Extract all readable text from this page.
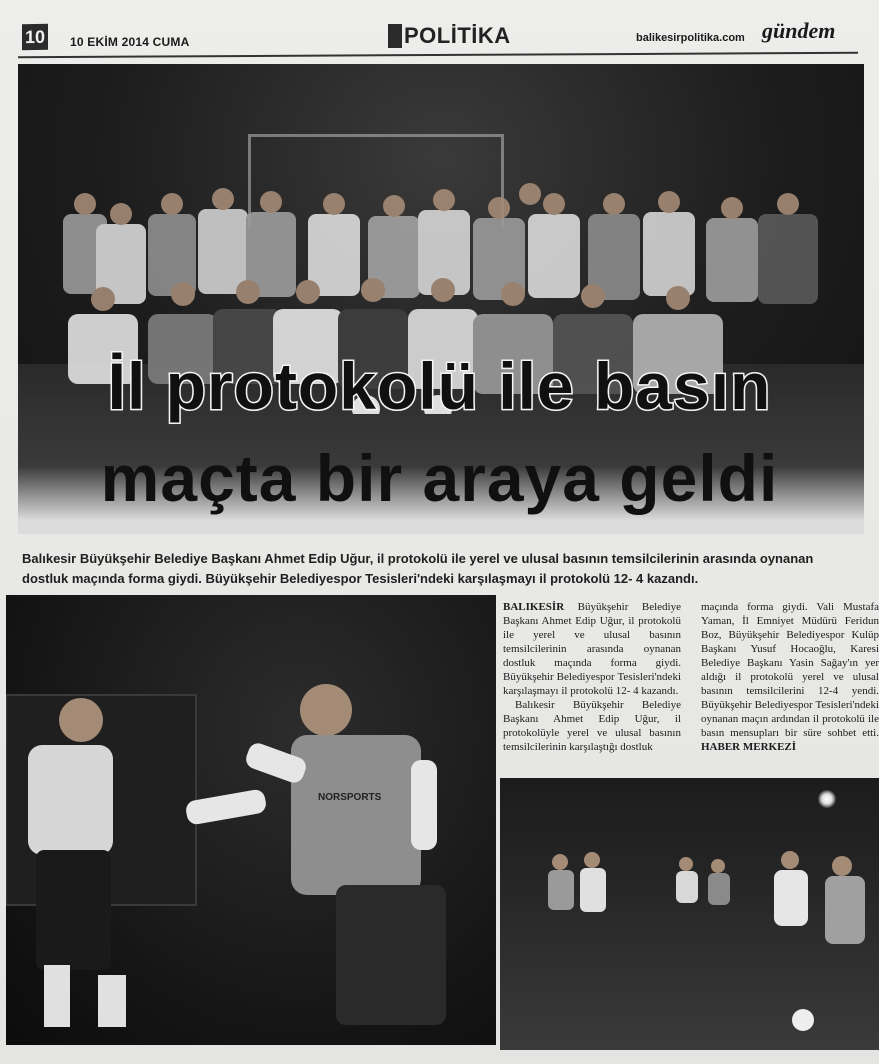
10 10 EKİM 2014 CUMA	POLİTİKA	balikesirpolitika.com gündem
İl protokolü ile basın
maçta bir araya geldi
Balıkesir Büyükşehir Belediye Başkanı Ahmet Edip Uğur, il protokolü ile yerel ve ulusal basının temsilcilerinin arasında oynanan dostluk maçında forma giydi. Büyükşehir Belediyespor Tesisleri'ndeki karşılaşmayı il protokolü 12- 4 kazandı.
NORSPORTS

BALIKESİR Büyükşehir Belediye Başkanı Ahmet Edip Uğur, il protokolü ile yerel ve ulusal basının temsilcilerinin arasında oynanan dostluk maçında forma giydi. Büyükşehir Belediyespor Tesisleri'ndeki karşılaşmayı il protokolü 12- 4 kazandı.

Balıkesir Büyükşehir Belediye Başkanı Ahmet Edip Uğur, il protokolüyle yerel ve ulusal basının temsilcilerinin karşılaştığı dostluk

maçında forma giydi. Vali Mustafa Yaman, İl Emniyet Müdürü Feridun Boz, Büyükşehir Belediyespor Kulüp Başkanı Yusuf Hocaoğlu, Karesi Belediye Başkanı Yasin Sağay'ın yer aldığı il protokolü yerel ve ulusal basının temsilcilerini 12-4 yendi. Büyükşehir Belediyespor Tesisleri'ndeki oynanan maçın ardından il protokolü ile basın mensupları bir süre sohbet etti. HABER MERKEZİ
